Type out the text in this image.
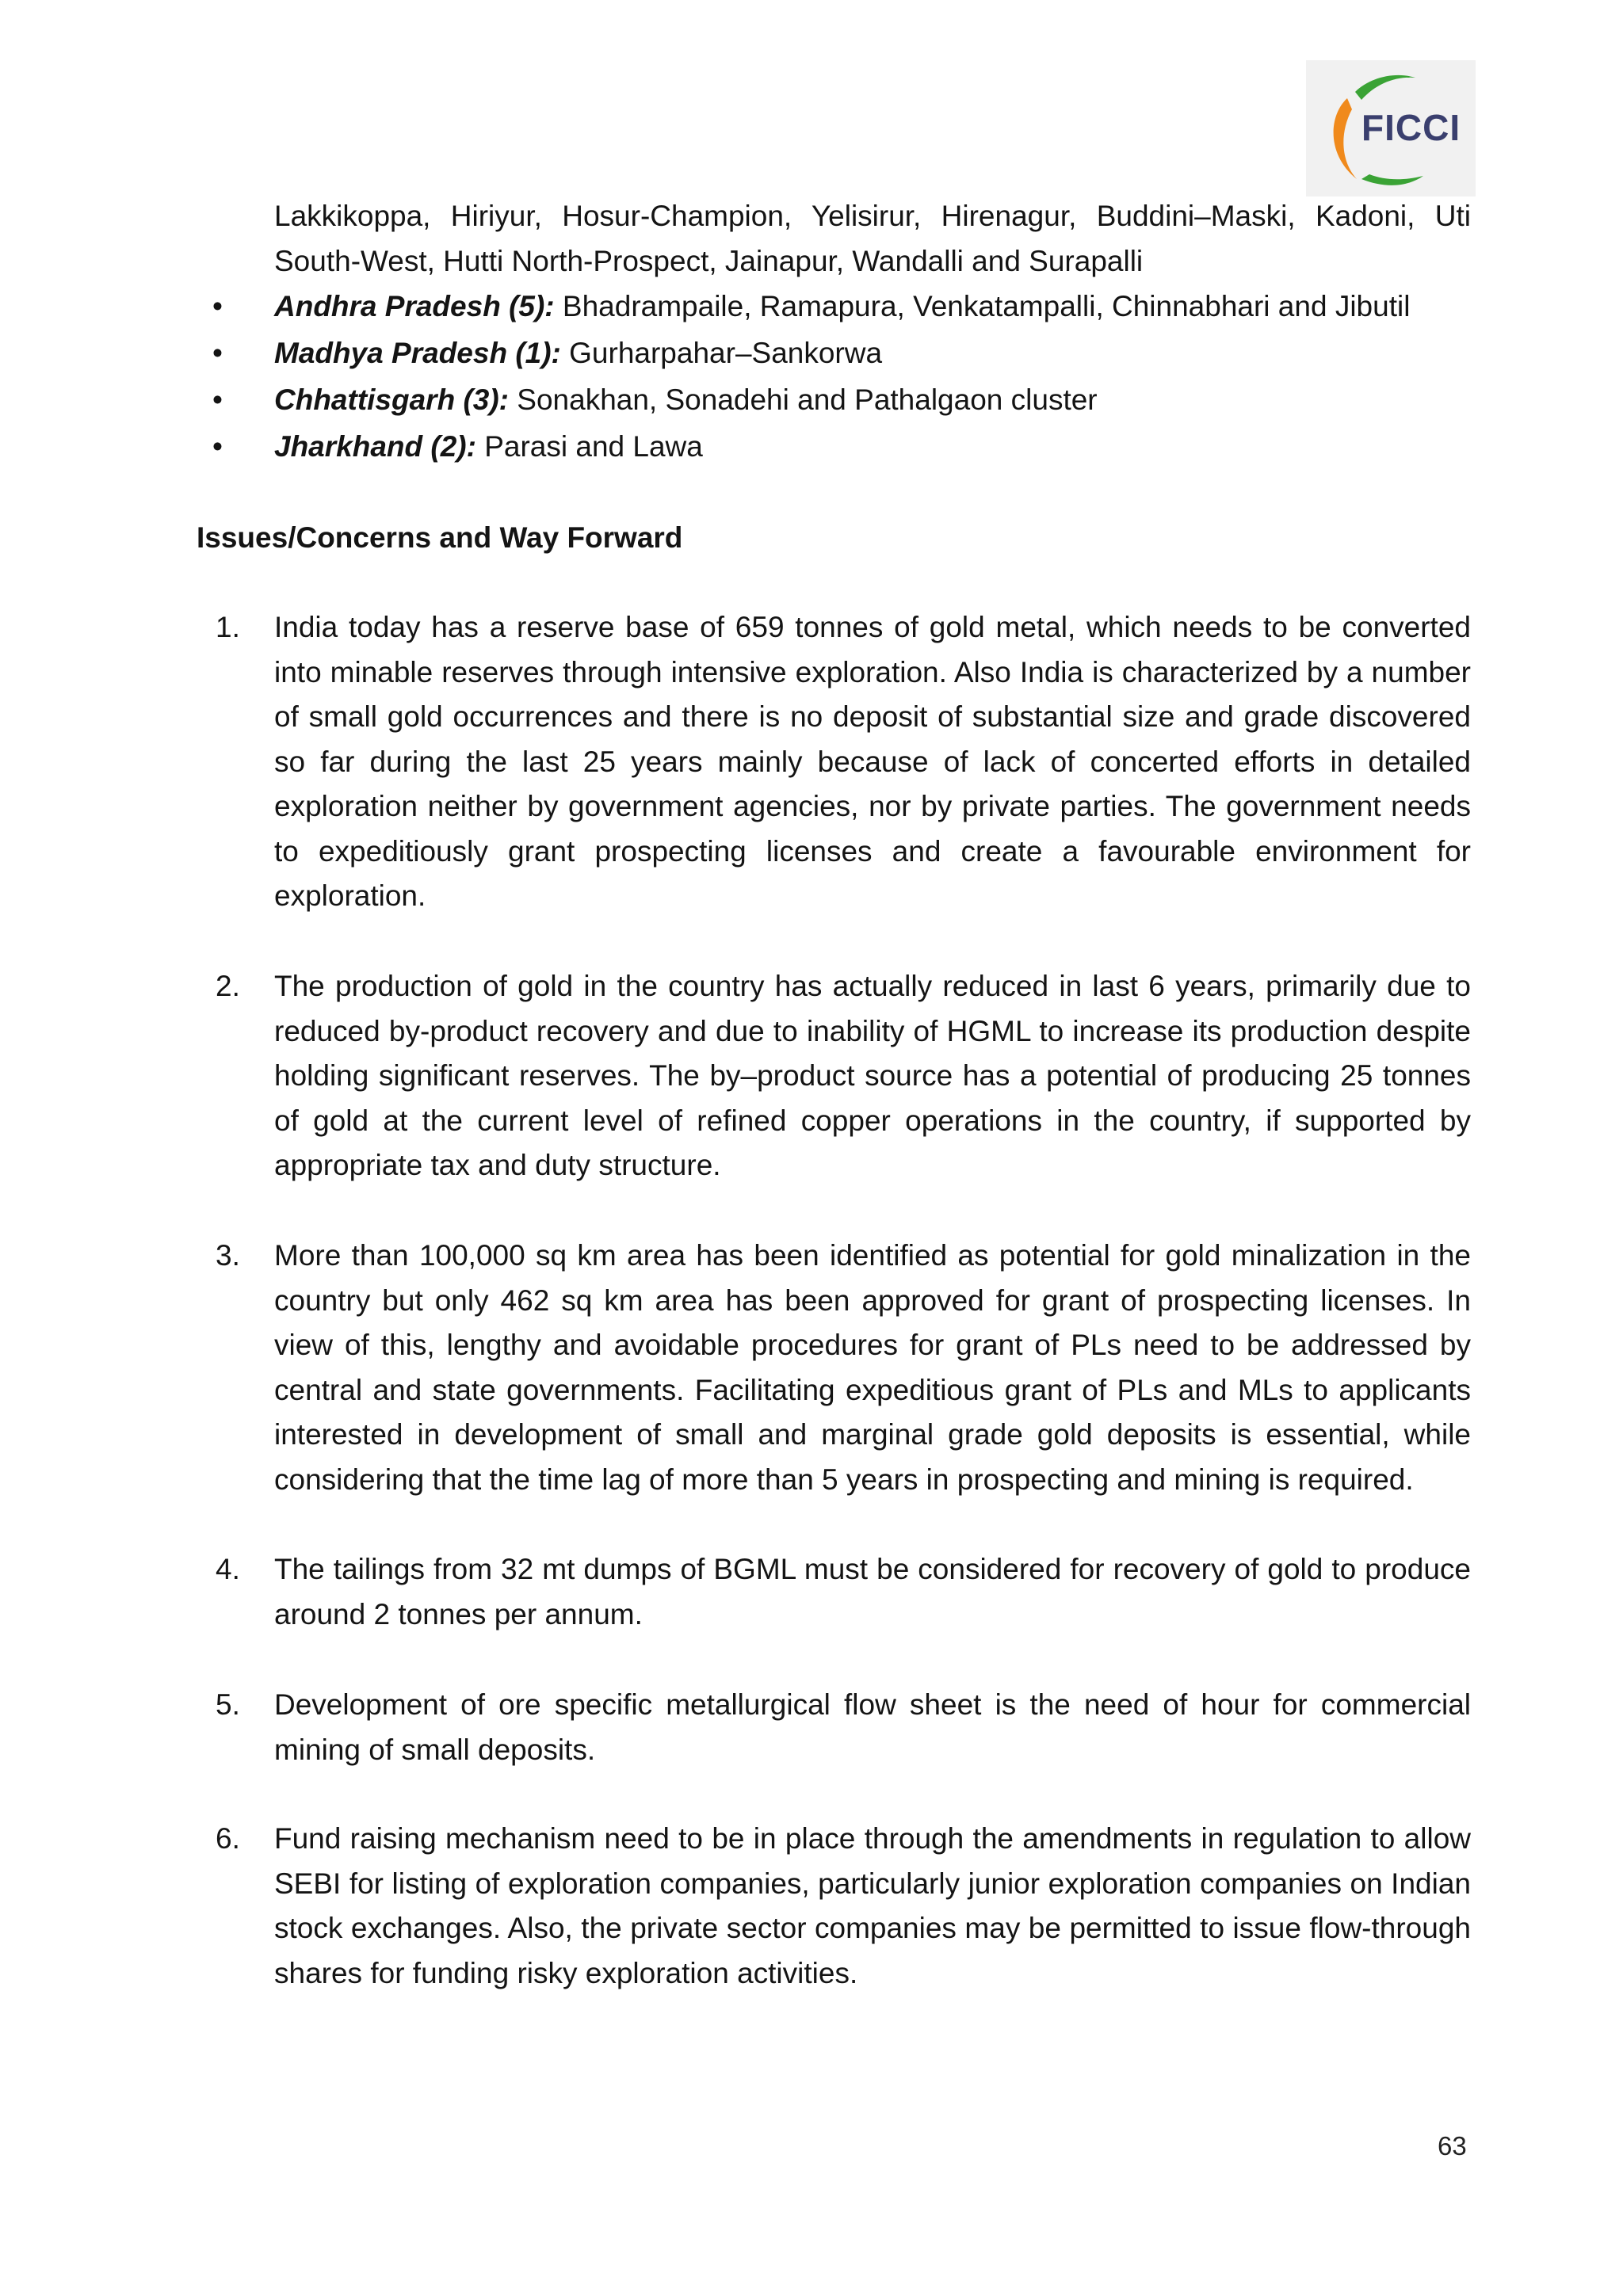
FICCI
Lakkikoppa, Hiriyur, Hosur-Champion, Yelisirur, Hirenagur, Buddini–Maski, Kadoni, Uti
South-West, Hutti North-Prospect, Jainapur, Wandalli and Surapalli
• Andhra Pradesh (5): Bhadrampaile, Ramapura, Venkatampalli, Chinnabhari and Jibutil
• Madhya Pradesh (1): Gurharpahar–Sankorwa
• Chhattisgarh (3): Sonakhan, Sonadehi and Pathalgaon cluster
• Jharkhand (2): Parasi and Lawa
Issues/Concerns and Way Forward
1. India today has a reserve base of 659 tonnes of gold metal, which needs to be converted into minable reserves through intensive exploration. Also India is characterized by a number of small gold occurrences and there is no deposit of substantial size and grade discovered so far during the last 25 years mainly because of lack of concerted efforts in detailed exploration neither by government agencies, nor by private parties. The government needs to expeditiously grant prospecting licenses and create a favourable environment for exploration.
2. The production of gold in the country has actually reduced in last 6 years, primarily due to reduced by-product recovery and due to inability of HGML to increase its production despite holding significant reserves. The by–product source has a potential of producing 25 tonnes of gold at the current level of refined copper operations in the country, if supported by appropriate tax and duty structure.
3. More than 100,000 sq km area has been identified as potential for gold minalization in the country but only 462 sq km area has been approved for grant of prospecting licenses. In view of this, lengthy and avoidable procedures for grant of PLs need to be addressed by central and state governments. Facilitating expeditious grant of PLs and MLs to applicants interested in development of small and marginal grade gold deposits is essential, while considering that the time lag of more than 5 years in prospecting and mining is required.
4. The tailings from 32 mt dumps of BGML must be considered for recovery of gold to produce around 2 tonnes per annum.
5. Development of ore specific metallurgical flow sheet is the need of hour for commercial mining of small deposits.
6. Fund raising mechanism need to be in place through the amendments in regulation to allow SEBI for listing of exploration companies, particularly junior exploration companies on Indian stock exchanges. Also, the private sector companies may be permitted to issue flow-through shares for funding risky exploration activities.
63
